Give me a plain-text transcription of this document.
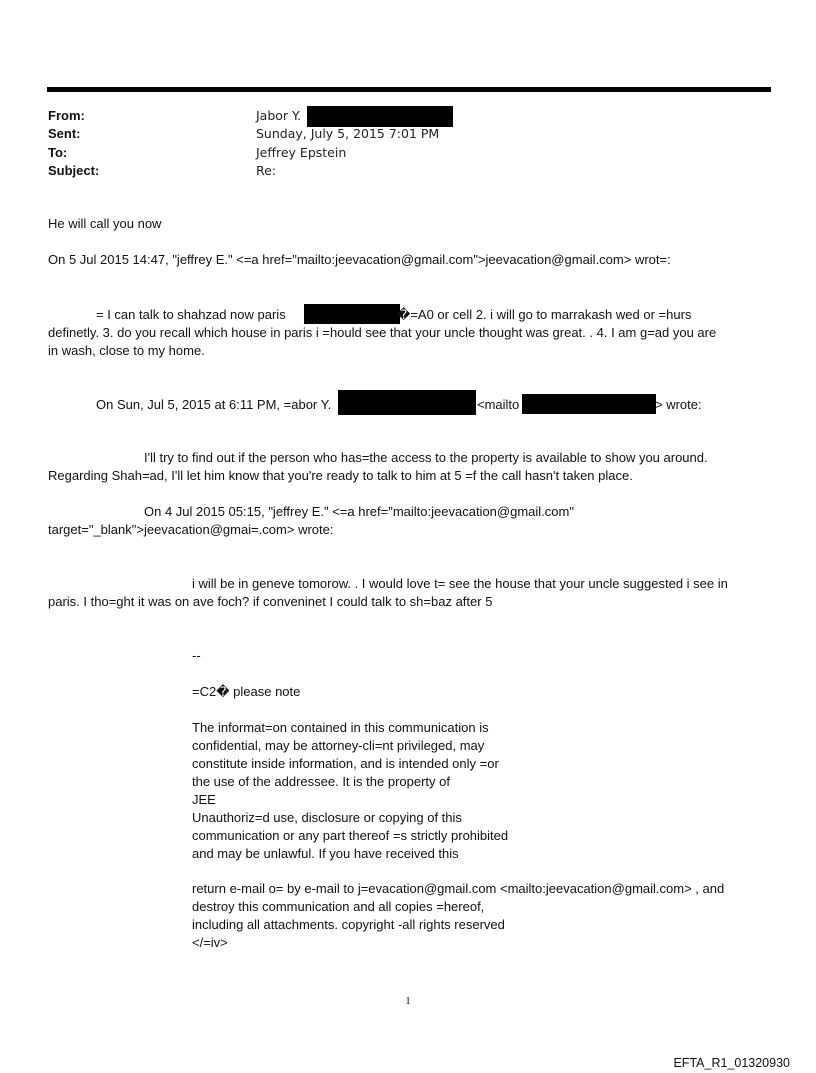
From:	Jabor Y.
Sent:	Sunday, July 5, 2015 7:01 PM
To:	Jeffrey Epstein
Subject:	Re:
He will call you now
On 5 Jul 2015 14:47, "jeffrey E." <=a href="mailto:jeevacation@gmail.com">jeevacation@gmail.com> wrot=:
= I can talk to shahzad now paris	�=A0 or cell 2. i will go to marrakash wed or =hurs
definetly. 3. do you recall which house in paris i =hould see that your uncle thought was great. . 4. I am g=ad you are
in wash, close to my home.
On Sun, Jul 5, 2015 at 6:11 PM, =abor Y.	<mailto	> wrote:
I'll try to find out if the person who has=the access to the property is available to show you around.
Regarding Shah=ad, I'll let him know that you're ready to talk to him at 5 =f the call hasn't taken place.
On 4 Jul 2015 05:15, "jeffrey E." <=a href="mailto:jeevacation@gmail.com"
target="_blank">jeevacation@gmai=.com> wrote:
i will be in geneve tomorow. . I would love t= see the house that your uncle suggested i see in
paris. I tho=ght it was on ave foch? if conveninet I could talk to sh=baz after 5
--
=C2� please note
The informat=on contained in this communication is
confidential, may be attorney-cli=nt privileged, may
constitute inside information, and is intended only =or
the use of the addressee. It is the property of
JEE
Unauthoriz=d use, disclosure or copying of this
communication or any part thereof =s strictly prohibited
and may be unlawful. If you have received this
return e-mail o= by e-mail to j=evacation@gmail.com <mailto:jeevacation@gmail.com> , and
destroy this communication and all copies =hereof,
including all attachments. copyright -all rights reserved
</=iv>
1
EFTA_R1_01320930
